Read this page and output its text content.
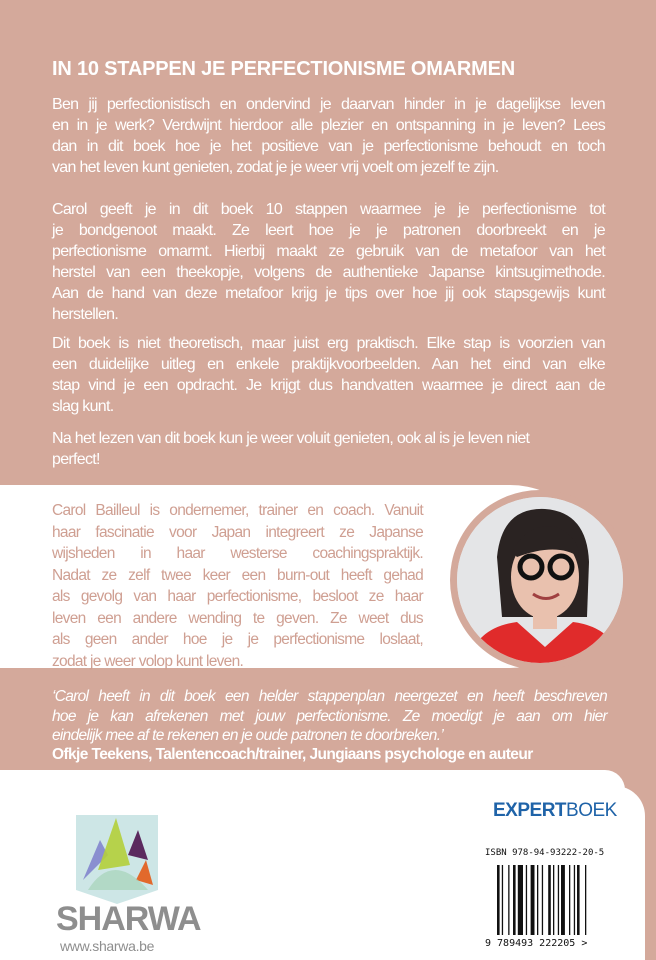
IN 10 STAPPEN JE PERFECTIONISME OMARMEN
Ben jij perfectionistisch en ondervind je daarvan hinder in je dagelijkse leven
en in je werk? Verdwijnt hierdoor alle plezier en ontspanning in je leven? Lees
dan in dit boek hoe je het positieve van je perfectionisme behoudt en toch
van het leven kunt genieten, zodat je je weer vrij voelt om jezelf te zijn.
Carol geeft je in dit boek 10 stappen waarmee je je perfectionisme tot
je bondgenoot maakt. Ze leert hoe je je patronen doorbreekt en je
perfectionisme omarmt. Hierbij maakt ze gebruik van de metafoor van het
herstel van een theekopje, volgens de authentieke Japanse kintsugimethode.
Aan de hand van deze metafoor krijg je tips over hoe jij ook stapsgewijs kunt
herstellen.
Dit boek is niet theoretisch, maar juist erg praktisch. Elke stap is voorzien van
een duidelijke uitleg en enkele praktijkvoorbeelden. Aan het eind van elke
stap vind je een opdracht. Je krijgt dus handvatten waarmee je direct aan de
slag kunt.
Na het lezen van dit boek kun je weer voluit genieten, ook al is je leven niet
perfect!
Carol Bailleul is ondernemer, trainer en coach. Vanuit
haar fascinatie voor Japan integreert ze Japanse
wijsheden in haar westerse coachingspraktijk.
Nadat ze zelf twee keer een burn-out heeft gehad
als gevolg van haar perfectionisme, besloot ze haar
leven een andere wending te geven. Ze weet dus
als geen ander hoe je je perfectionisme loslaat,
zodat je weer volop kunt leven.
‘Carol heeft in dit boek een helder stappenplan neergezet en heeft beschreven
hoe je kan afrekenen met jouw perfectionisme. Ze moedigt je aan om hier
eindelijk mee af te rekenen en je oude patronen te doorbreken.’
Ofkje Teekens, Talentencoach/trainer, Jungiaans psychologe en auteur
SHARWA
www.sharwa.be
EXPERTBOEK
ISBN 978-94-93222-20-5
9 789493 222205 >
